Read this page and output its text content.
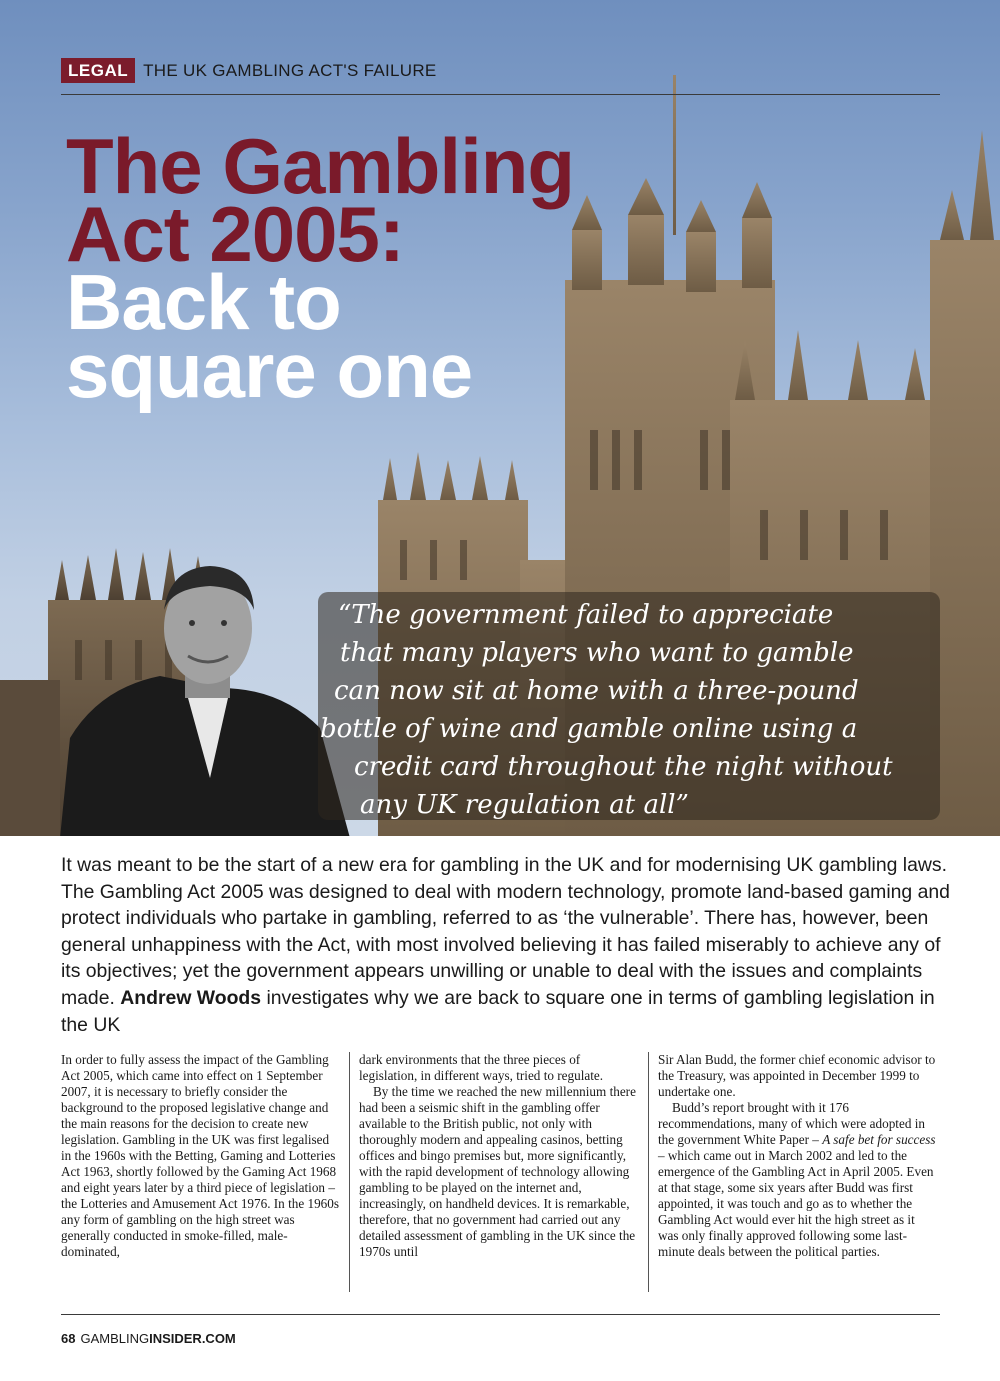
LEGAL THE UK GAMBLING ACT'S FAILURE
The Gambling
Act 2005:
Back to
square one

“The government failed to appreciate
that many players who want to gamble
can now sit at home with a three-pound
bottle of wine and gamble online using a
credit card throughout the night without
any UK regulation at all”

It was meant to be the start of a new era for gambling in the UK and for modernising UK gambling laws. The Gambling Act 2005 was designed to deal with modern technology, promote land-based gaming and protect individuals who partake in gambling, referred to as ‘the vulnerable’. There has, however, been general unhappiness with the Act, with most involved believing it has failed miserably to achieve any of its objectives; yet the government appears unwilling or unable to deal with the issues and complaints made. Andrew Woods investigates why we are back to square one in terms of gambling legislation in the UK

In order to fully assess the impact of the Gambling Act 2005, which came into effect on 1 September 2007, it is necessary to briefly consider the background to the proposed legislative change and the main reasons for the decision to create new legislation. Gambling in the UK was first legalised in the 1960s with the Betting, Gaming and Lotteries Act 1963, shortly followed by the Gaming Act 1968 and eight years later by a third piece of legislation – the Lotteries and Amusement Act 1976. In the 1960s any form of gambling on the high street was generally conducted in smoke-filled, male-dominated,

dark environments that the three pieces of legislation, in different ways, tried to regulate.

By the time we reached the new millennium there had been a seismic shift in the gambling offer available to the British public, not only with thoroughly modern and appealing casinos, betting offices and bingo premises but, more significantly, with the rapid development of technology allowing gambling to be played on the internet and, increasingly, on handheld devices. It is remarkable, therefore, that no government had carried out any detailed assessment of gambling in the UK since the 1970s until

Sir Alan Budd, the former chief economic advisor to the Treasury, was appointed in December 1999 to undertake one.

Budd’s report brought with it 176 recommendations, many of which were adopted in the government White Paper – A safe bet for success – which came out in March 2002 and led to the emergence of the Gambling Act in April 2005. Even at that stage, some six years after Budd was first appointed, it was touch and go as to whether the Gambling Act would ever hit the high street as it was only finally approved following some last-minute deals between the political parties.

68 GAMBLINGINSIDER.COM
